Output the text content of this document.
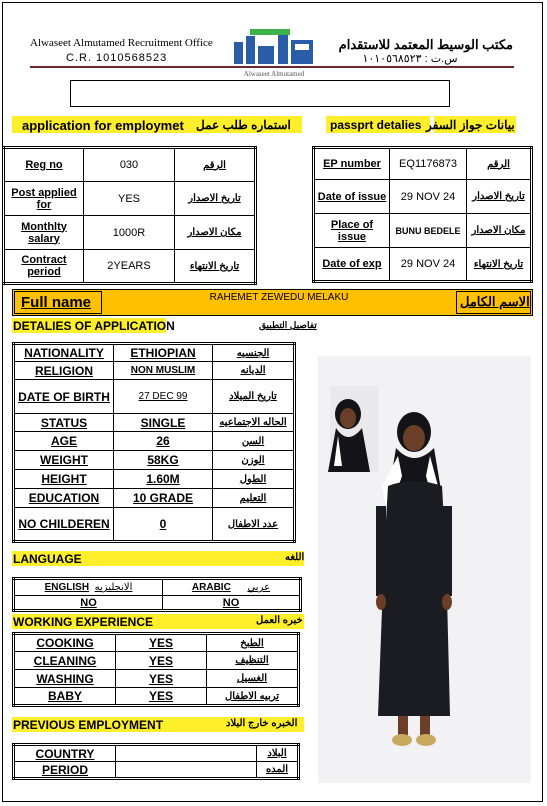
Alwaseet Almutamed Recruitment Office
C.R. 1010568523
Alwaseet Almutamed
مكتب الوسيط المعتمد للاستقدام
س.ت : ١٠١٠٥٦٨٥٢٣
application for employmet استماره طلب عمل	passprt detalies بيانات جواز السفر
Reg no	030	الرقم
Post applied for	YES	تاريخ الاصدار
Monthlty salary	1000R	مكان الاصدار
Contract period	2YEARS	تاريخ الانتهاء
EP number	EQ1176873	الرقم
Date of issue	29 NOV 24	تاريخ الاصدار
Place of issue	BUNU BEDELE	مكان الاصدار
Date of exp	29 NOV 24	تاريخ الانتهاء
Full name	RAHEMET ZEWEDU MELAKU	الاسم الكامل
DETALIES OF APPLICATION	تفاصيل التطبيق
NATIONALITY	ETHIOPIAN	الجنسيه
RELIGION	NON MUSLIM	الديانه
DATE OF BIRTH	27 DEC 99	تاريخ الميلاد
STATUS	SINGLE	الحاله الاجتماعيه
AGE	26	السن
WEIGHT	58KG	الوزن
HEIGHT	1.60M	الطول
EDUCATION	10 GRADE	التعليم
NO CHILDEREN	0	عدد الاطفال
LANGUAGE	اللغه
ENGLISH الانجليزيه	ARABIC عربي
NO	NO
WORKING EXPERIENCE	خبره العمل
COOKING	YES	الطبخ
CLEANING	YES	التنظيف
WASHING	YES	الغسيل
BABY	YES	تربيه الاطفال
PREVIOUS EMPLOYMENT	الخبره خارج البلاد
COUNTRY		البلاد
PERIOD		المده
